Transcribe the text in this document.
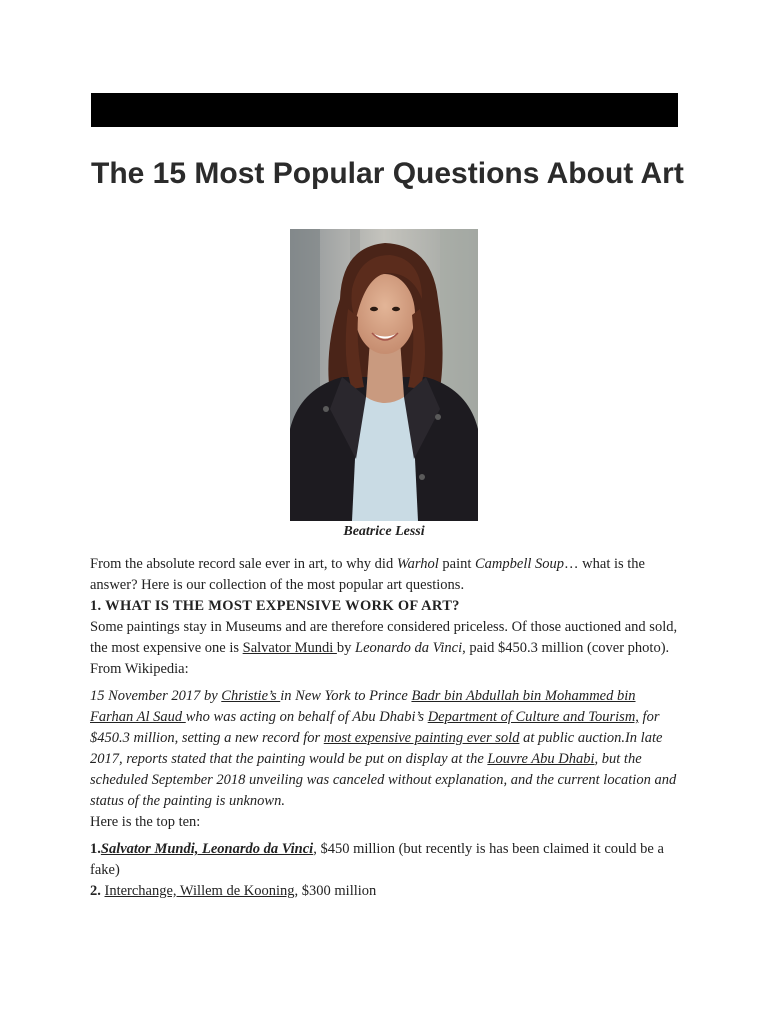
The 15 Most Popular Questions About Art
Beatrice Lessi

From the absolute record sale ever in art, to why did Warhol paint Campbell Soup… what is the answer? Here is our collection of the most popular art questions.

1. WHAT IS THE MOST EXPENSIVE WORK OF ART?

Some paintings stay in Museums and are therefore considered priceless. Of those auctioned and sold, the most expensive one is Salvator Mundi by Leonardo da Vinci, paid $450.3 million (cover photo).

From Wikipedia:

15 November 2017 by Christie’s in New York to Prince Badr bin Abdullah bin Mohammed bin Farhan Al Saud who was acting on behalf of Abu Dhabi’s Department of Culture and Tourism, for $450.3 million, setting a new record for most expensive painting ever sold at public auction.In late 2017, reports stated that the painting would be put on display at the Louvre Abu Dhabi, but the scheduled September 2018 unveiling was canceled without explanation, and the current location and status of the painting is unknown.

Here is the top ten:

1.Salvator Mundi, Leonardo da Vinci, $450 million (but recently is has been claimed it could be a fake)

2. Interchange, Willem de Kooning, $300 million
